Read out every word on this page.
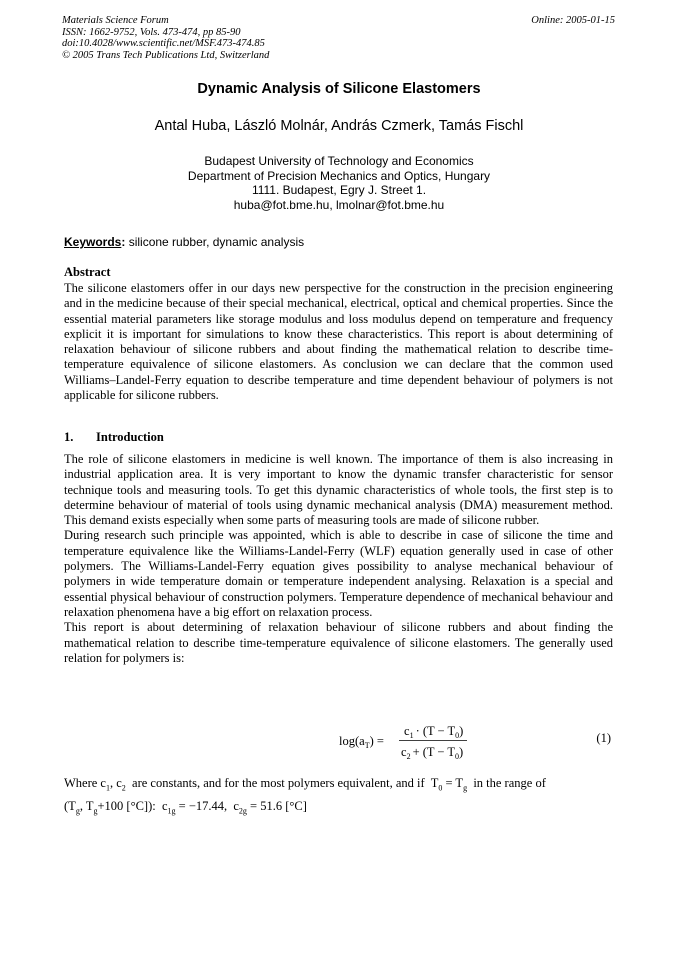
Materials Science Forum
ISSN: 1662-9752, Vols. 473-474, pp 85-90
doi:10.4028/www.scientific.net/MSF.473-474.85
© 2005 Trans Tech Publications Ltd, Switzerland
Online: 2005-01-15
Dynamic Analysis of Silicone Elastomers
Antal Huba, László Molnár, András Czmerk, Tamás Fischl
Budapest University of Technology and Economics
Department of Precision Mechanics and Optics, Hungary
1111. Budapest, Egry J. Street 1.
huba@fot.bme.hu, lmolnar@fot.bme.hu
Keywords: silicone rubber, dynamic analysis
Abstract

The silicone elastomers offer in our days new perspective for the construction in the precision engineering and in the medicine because of their special mechanical, electrical, optical and chemical properties. Since the essential material parameters like storage modulus and loss modulus depend on temperature and frequency explicit it is important for simulations to know these characteristics. This report is about determining of relaxation behaviour of silicone rubbers and about finding the mathematical relation to describe time-temperature equivalence of silicone elastomers. As conclusion we can declare that the common used Williams–Landel-Ferry equation to describe temperature and time dependent behaviour of polymers is not applicable for silicone rubbers.

1. Introduction

The role of silicone elastomers in medicine is well known. The importance of them is also increasing in industrial application area. It is very important to know the dynamic transfer characteristic for sensor technique tools and measuring tools. To get this dynamic characteristics of whole tools, the first step is to determine behaviour of material of tools using dynamic mechanical analysis (DMA) measurement method. This demand exists especially when some parts of measuring tools are made of silicone rubber.

During research such principle was appointed, which is able to describe in case of silicone the time and temperature equivalence like the Williams-Landel-Ferry (WLF) equation generally used in case of other polymers. The Williams-Landel-Ferry equation gives possibility to analyse mechanical behaviour of polymers in wide temperature domain or temperature independent analysing. Relaxation is a special and essential physical behaviour of construction polymers. Temperature dependence of mechanical behaviour and relaxation phenomena have a big effort on relaxation process.

This report is about determining of relaxation behaviour of silicone rubbers and about finding the mathematical relation to describe time-temperature equivalence of silicone elastomers. The generally used relation for polymers is:

$\log(a_T)$ =
$c_1 \cdot (T - T_0)$
$c_2 + (T - T_0)$
(1)
Where $c_1$, $c_2$  are constants, and for the most polymers equivalent, and if  $T_0 = T_g$  in the range of
($T_g$, $T_g+100$ [°C]):  $c_{1g} = -17.44$,  $c_{2g} = 51.6$ [°C]
